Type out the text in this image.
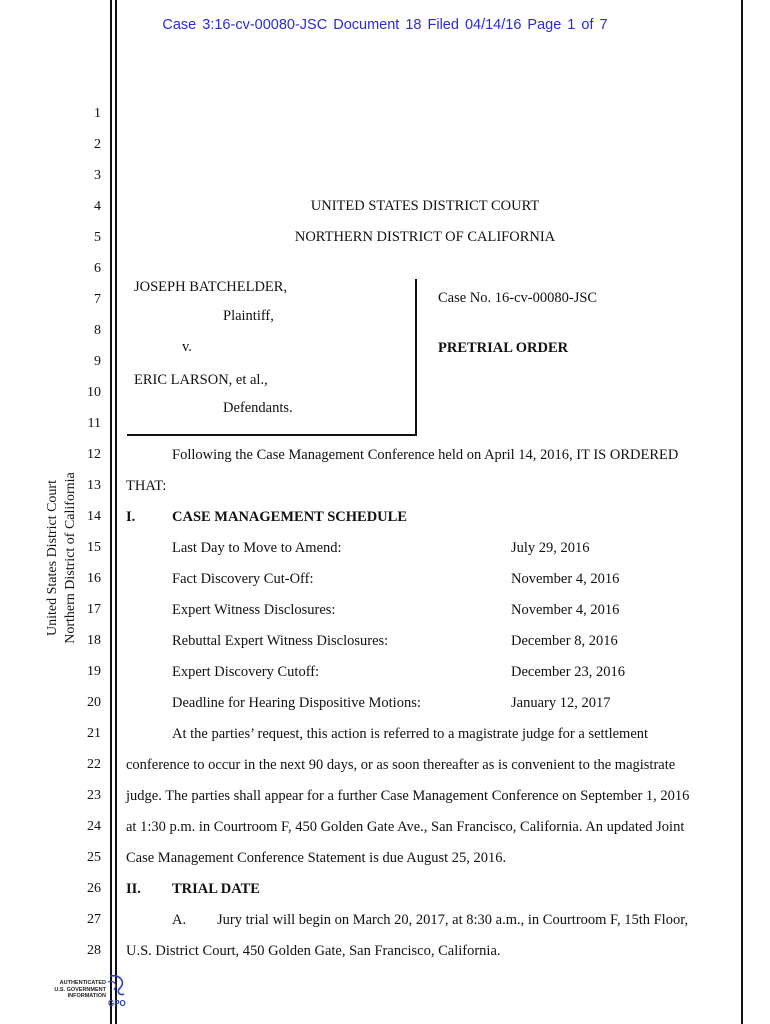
Case 3:16-cv-00080-JSC Document 18 Filed 04/14/16 Page 1 of 7
1
2
3
4
5
6
7
8
9
10
11
12
13
14
15
16
17
18
19
20
21
22
23
24
25
26
27
28
United States District Court Northern District of California
UNITED STATES DISTRICT COURT
NORTHERN DISTRICT OF CALIFORNIA
JOSEPH BATCHELDER,
Plaintiff,
v.
ERIC LARSON, et al.,
Defendants.
Case No. 16-cv-00080-JSC
PRETRIAL ORDER
Following the Case Management Conference held on April 14, 2016, IT IS ORDERED
THAT:
I.	CASE MANAGEMENT SCHEDULE
Last Day to Move to Amend:	July 29, 2016
Fact Discovery Cut-Off:	November 4, 2016
Expert Witness Disclosures:	November 4, 2016
Rebuttal Expert Witness Disclosures:	December 8, 2016
Expert Discovery Cutoff:	December 23, 2016
Deadline for Hearing Dispositive Motions:	January 12, 2017
At the parties’ request, this action is referred to a magistrate judge for a settlement
conference to occur in the next 90 days, or as soon thereafter as is convenient to the magistrate
judge. The parties shall appear for a further Case Management Conference on September 1, 2016
at 1:30 p.m. in Courtroom F, 450 Golden Gate Ave., San Francisco, California. An updated Joint
Case Management Conference Statement is due August 25, 2016.
II. TRIAL DATE
A. Jury trial will begin on March 20, 2017, at 8:30 a.m., in Courtroom F, 15th Floor,
U.S. District Court, 450 Golden Gate, San Francisco, California.
AUTHENTICATED
U.S. GOVERNMENT
INFORMATION
GPO
